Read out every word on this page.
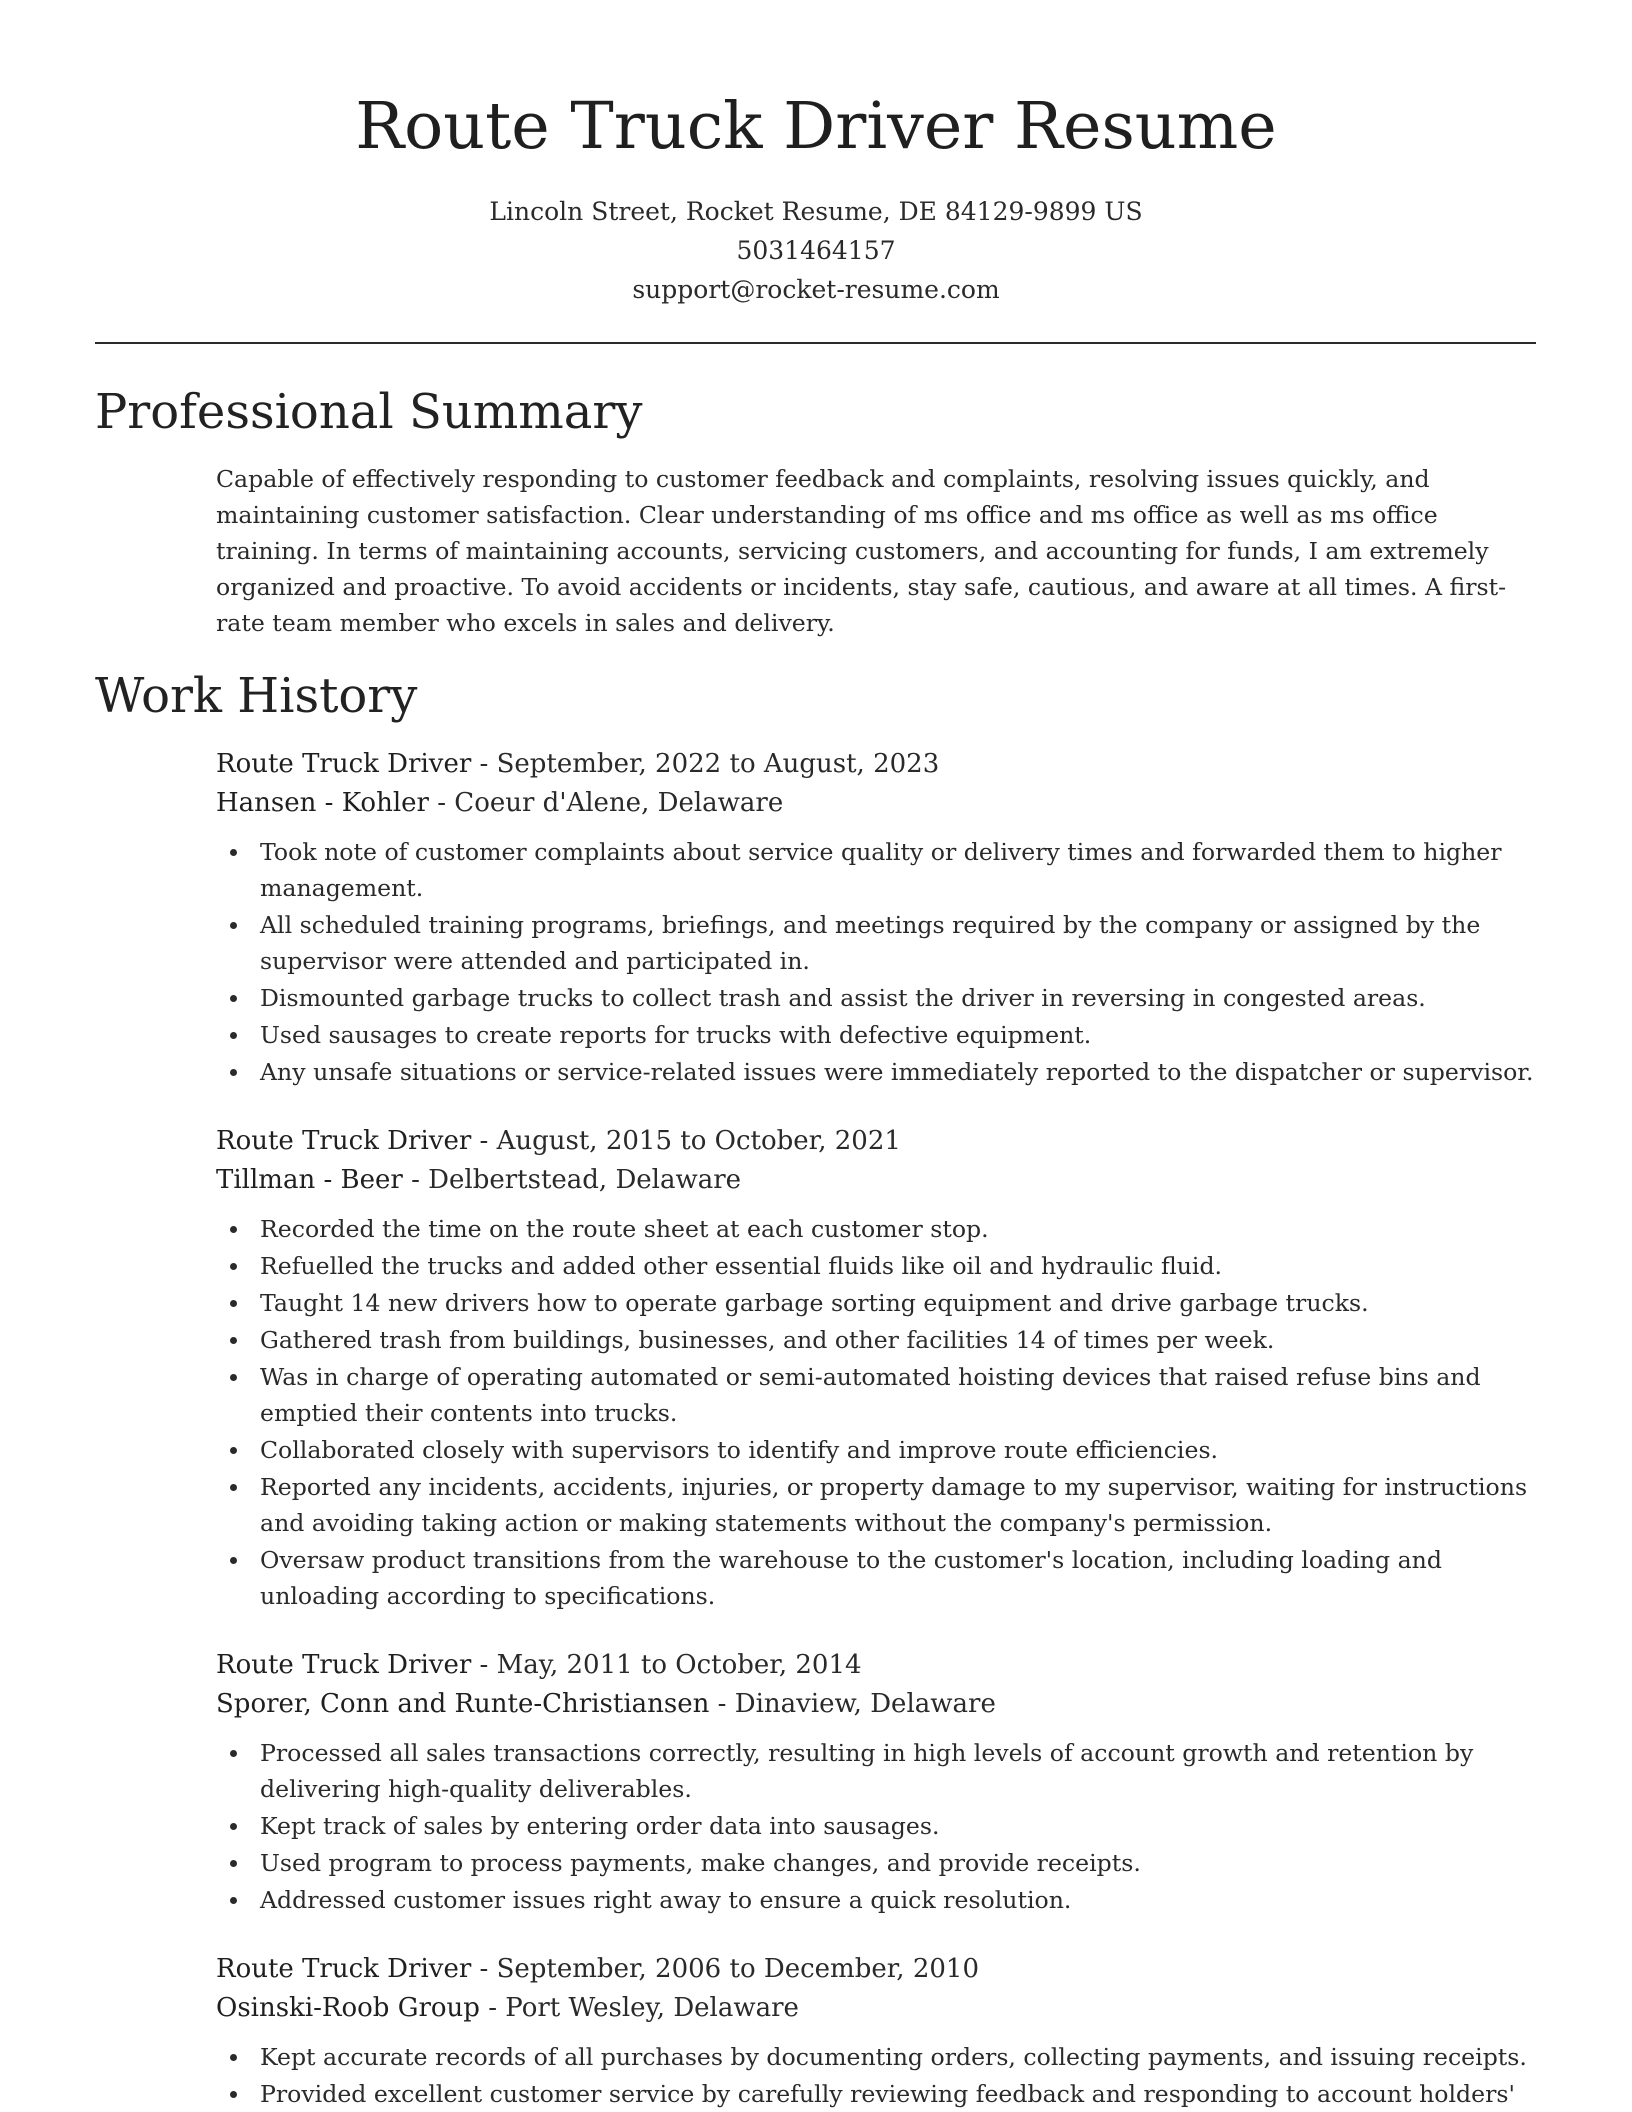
Route Truck Driver Resume
Lincoln Street, Rocket Resume, DE 84129-9899 US
5031464157
support@rocket-resume.com
Professional Summary
Capable of effectively responding to customer feedback and complaints, resolving issues quickly, and maintaining customer satisfaction. Clear understanding of ms office and ms office as well as ms office training. In terms of maintaining accounts, servicing customers, and accounting for funds, I am extremely organized and proactive. To avoid accidents or incidents, stay safe, cautious, and aware at all times. A first-rate team member who excels in sales and delivery.
Work History
Route Truck Driver - September, 2022 to August, 2023
Hansen - Kohler - Coeur d'Alene, Delaware
Took note of customer complaints about service quality or delivery times and forwarded them to higher management.
All scheduled training programs, briefings, and meetings required by the company or assigned by the supervisor were attended and participated in.
Dismounted garbage trucks to collect trash and assist the driver in reversing in congested areas.
Used sausages to create reports for trucks with defective equipment.
Any unsafe situations or service-related issues were immediately reported to the dispatcher or supervisor.
Route Truck Driver - August, 2015 to October, 2021
Tillman - Beer - Delbertstead, Delaware
Recorded the time on the route sheet at each customer stop.
Refuelled the trucks and added other essential fluids like oil and hydraulic fluid.
Taught 14 new drivers how to operate garbage sorting equipment and drive garbage trucks.
Gathered trash from buildings, businesses, and other facilities 14 of times per week.
Was in charge of operating automated or semi-automated hoisting devices that raised refuse bins and emptied their contents into trucks.
Collaborated closely with supervisors to identify and improve route efficiencies.
Reported any incidents, accidents, injuries, or property damage to my supervisor, waiting for instructions and avoiding taking action or making statements without the company's permission.
Oversaw product transitions from the warehouse to the customer's location, including loading and unloading according to specifications.
Route Truck Driver - May, 2011 to October, 2014
Sporer, Conn and Runte-Christiansen - Dinaview, Delaware
Processed all sales transactions correctly, resulting in high levels of account growth and retention by delivering high-quality deliverables.
Kept track of sales by entering order data into sausages.
Used program to process payments, make changes, and provide receipts.
Addressed customer issues right away to ensure a quick resolution.
Route Truck Driver - September, 2006 to December, 2010
Osinski-Roob Group - Port Wesley, Delaware
Kept accurate records of all purchases by documenting orders, collecting payments, and issuing receipts.
Provided excellent customer service by carefully reviewing feedback and responding to account holders'
